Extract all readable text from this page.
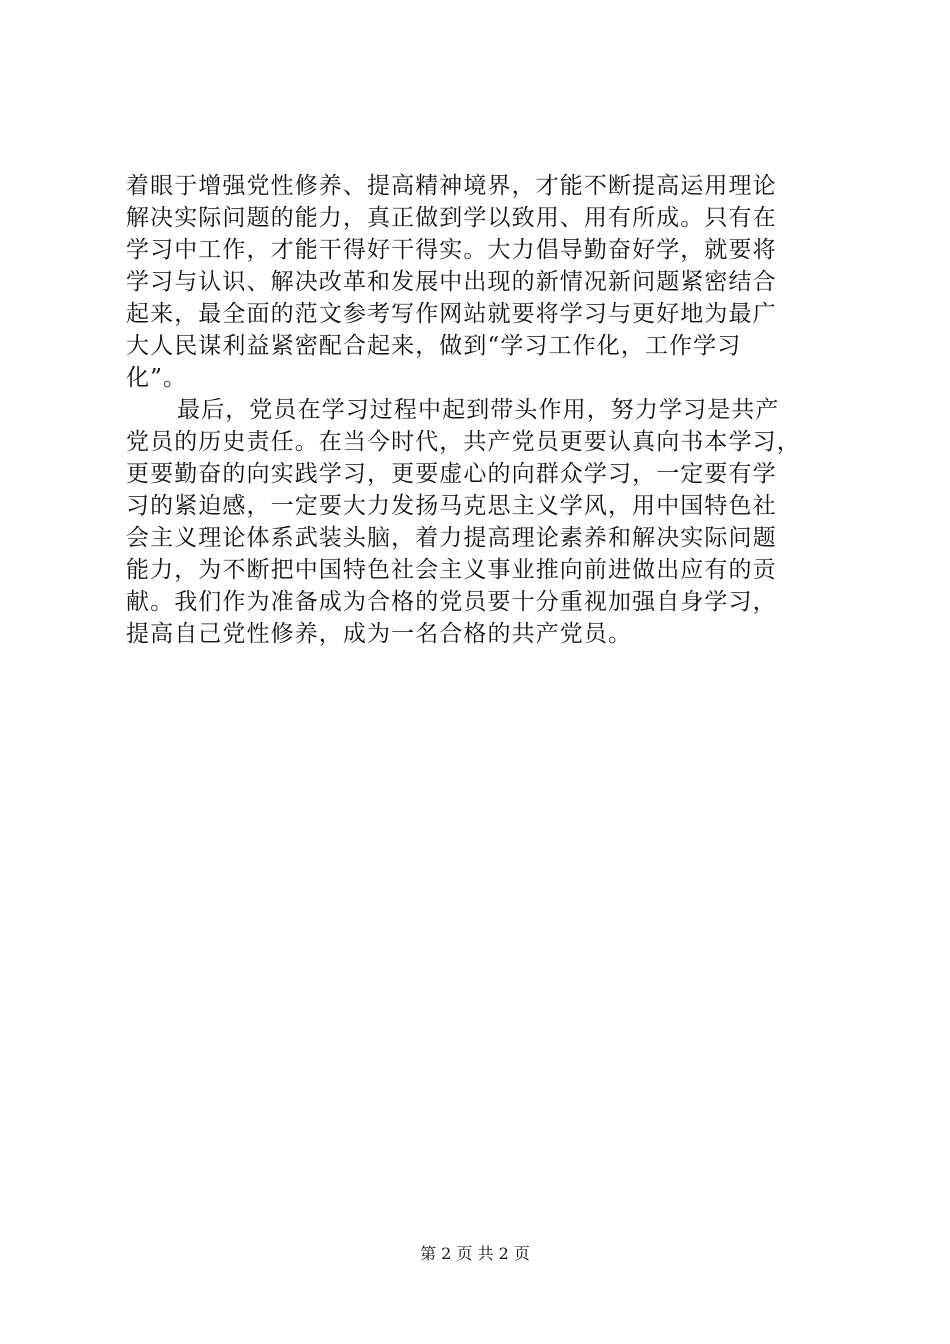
着眼于增强党性修养、提高精神境界，才能不断提高运用理论
解决实际问题的能力，真正做到学以致用、用有所成。只有在
学习中工作，才能干得好干得实。大力倡导勤奋好学，就要将
学习与认识、解决改革和发展中出现的新情况新问题紧密结合
起来，最全面的范文参考写作网站就要将学习与更好地为最广
大人民谋利益紧密配合起来，做到“学习工作化，工作学习
化”。
最后，党员在学习过程中起到带头作用，努力学习是共产
党员的历史责任。在当今时代，共产党员更要认真向书本学习，
更要勤奋的向实践学习，更要虚心的向群众学习，一定要有学
习的紧迫感，一定要大力发扬马克思主义学风，用中国特色社
会主义理论体系武装头脑，着力提高理论素养和解决实际问题
能力，为不断把中国特色社会主义事业推向前进做出应有的贡
献。我们作为准备成为合格的党员要十分重视加强自身学习，
提高自己党性修养，成为一名合格的共产党员。
第 2 页 共 2 页
